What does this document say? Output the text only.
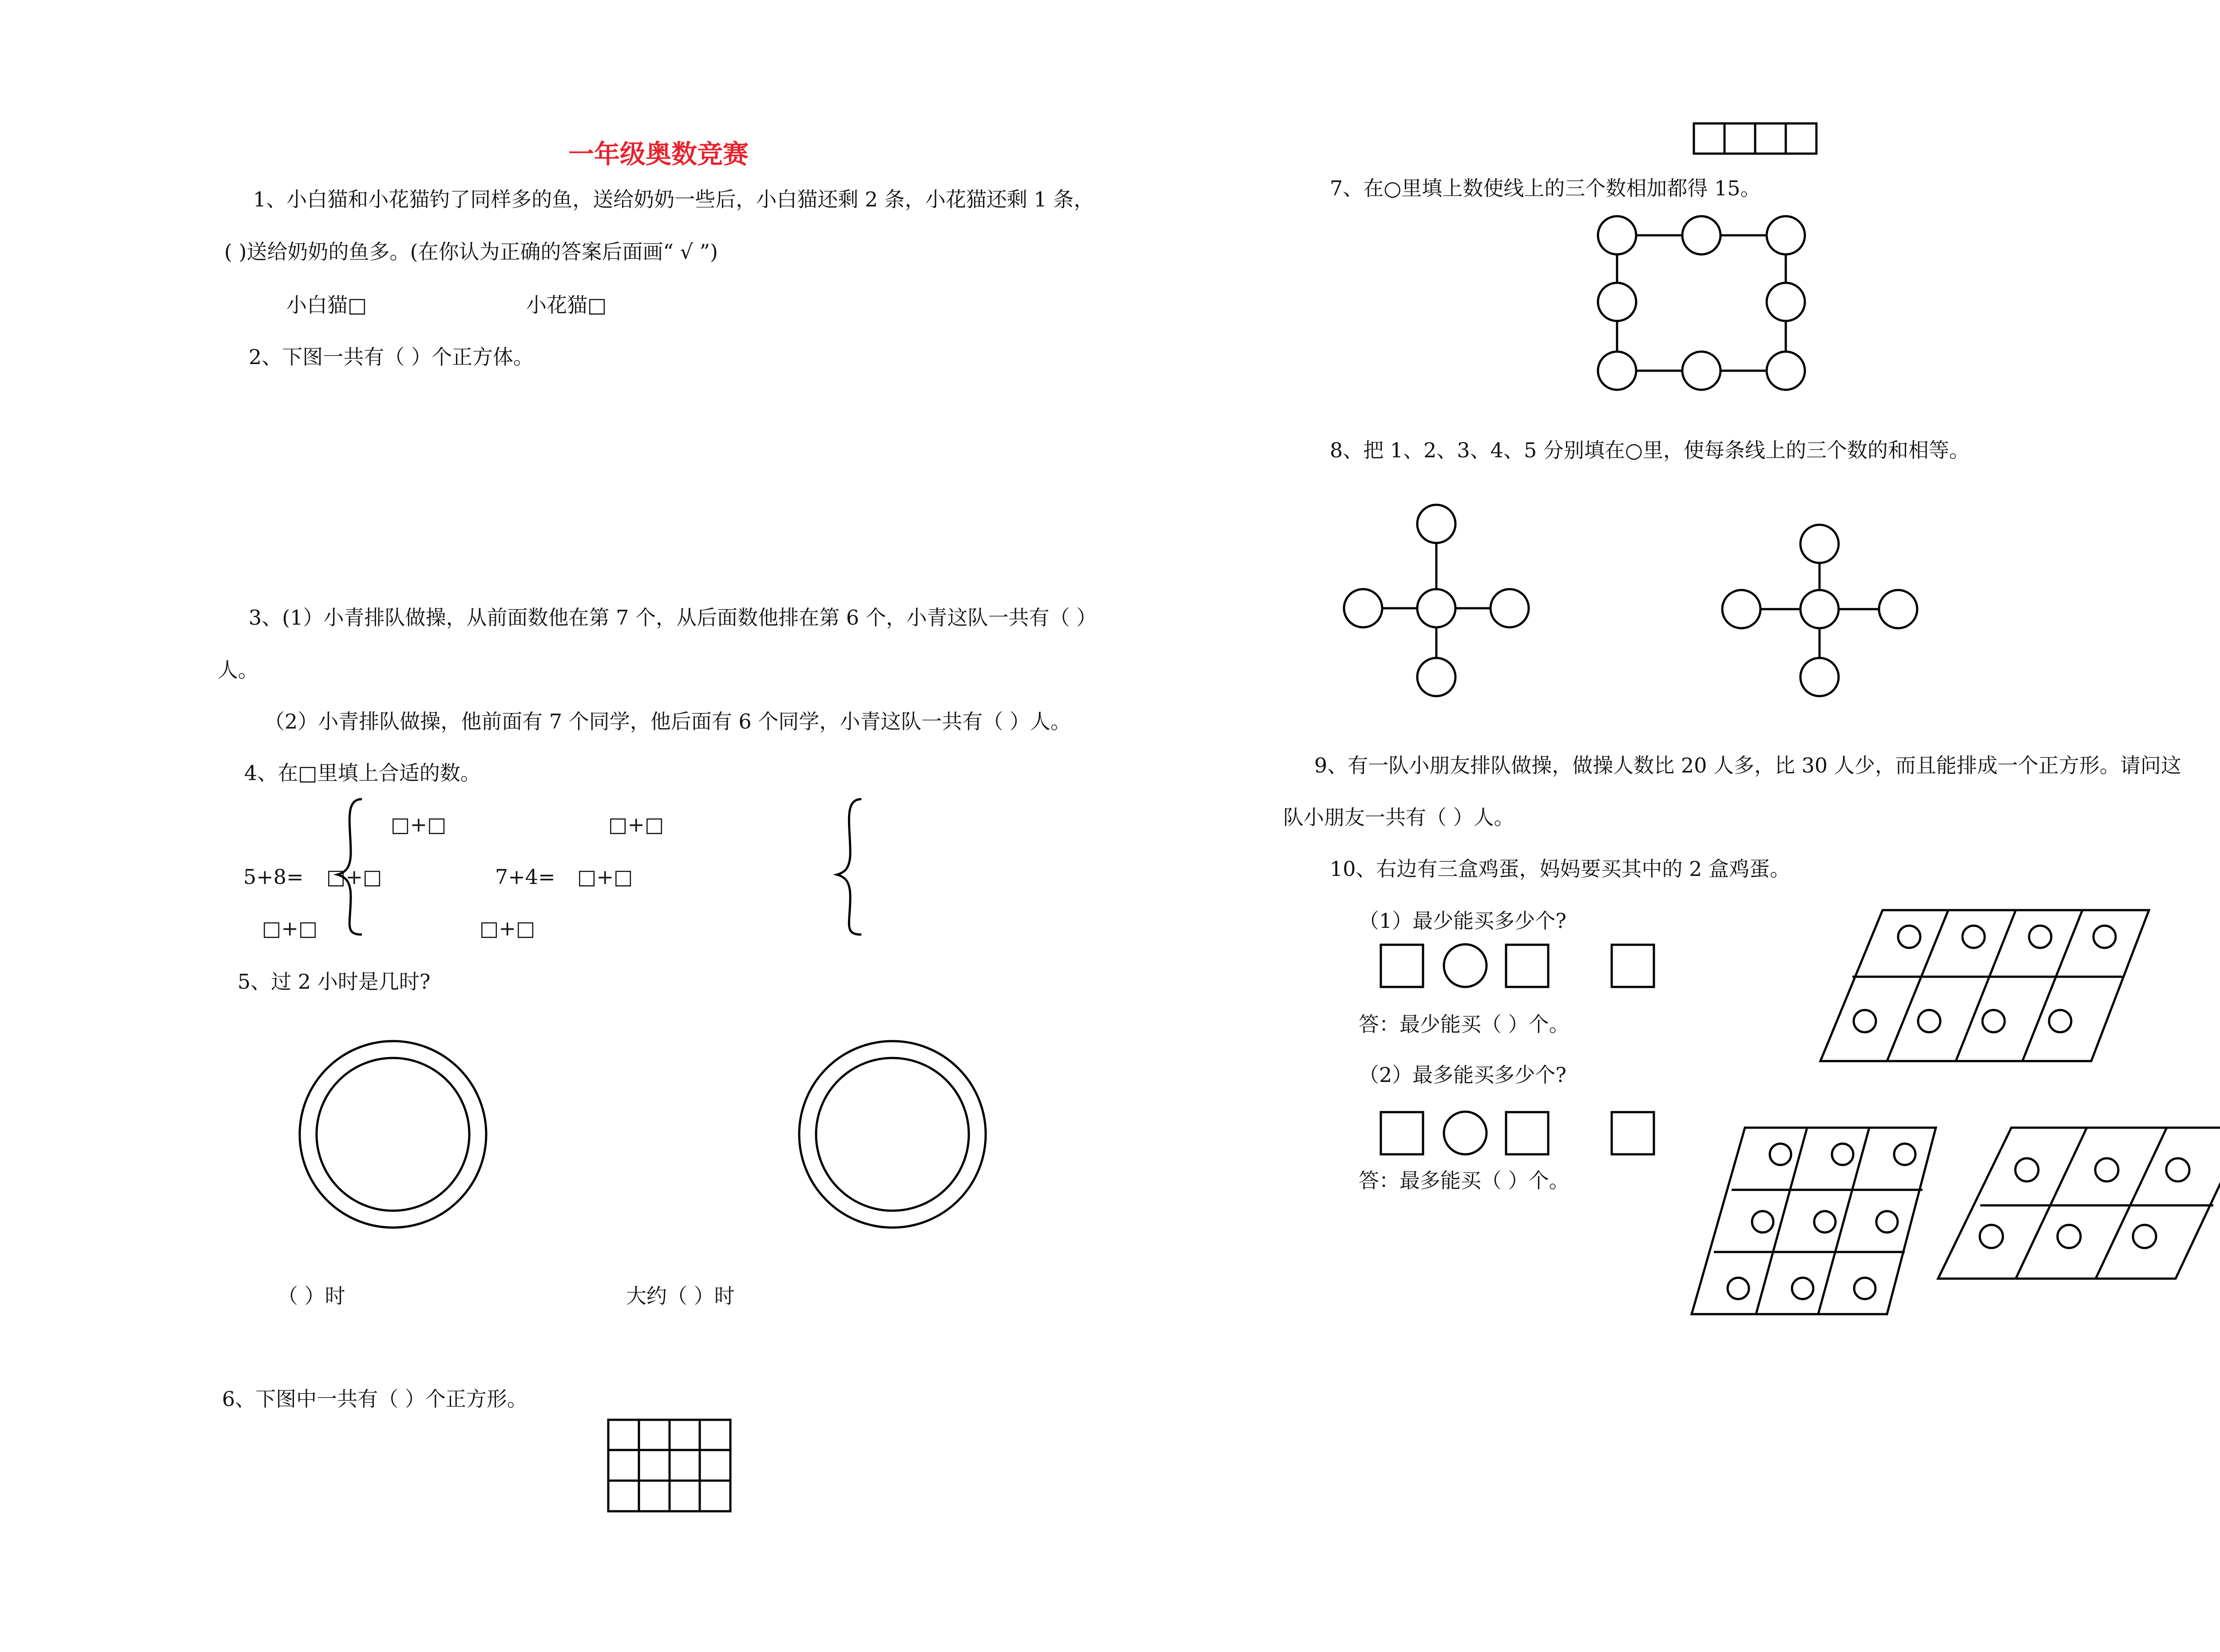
一年级奥数竞赛
1、小白猫和小花猫钓了同样多的鱼，送给奶奶一些后，小白猫还剩 2 条，小花猫还剩 1 条，
( )送给奶奶的鱼多。(在你认为正确的答案后面画“ √ ”)
小白猫□	小花猫□
2、下图一共有（ ）个正方体。
3、(1）小青排队做操，从前面数他在第 7 个，从后面数他排在第 6 个，小青这队一共有（ ）
人。
（2）小青排队做操，他前面有 7 个同学，他后面有 6 个同学，小青这队一共有（ ）人。
4、在□里填上合适的数。
□+□	□+□
5+8= □+□	7+4= □+□
□+□	□+□
5、过 2 小时是几时?
（ ）时	大约（ ）时
6、下图中一共有（ ）个正方形。
7、在○里填上数使线上的三个数相加都得 15。
8、把 1、2、3、4、5 分别填在○里，使每条线上的三个数的和相等。
9、有一队小朋友排队做操，做操人数比 20 人多，比 30 人少，而且能排成一个正方形。请问这
队小朋友一共有（ ）人。
10、右边有三盒鸡蛋，妈妈要买其中的 2 盒鸡蛋。
（1）最少能买多少个?
答：最少能买（ ）个。
（2）最多能买多少个?
答：最多能买（ ）个。
